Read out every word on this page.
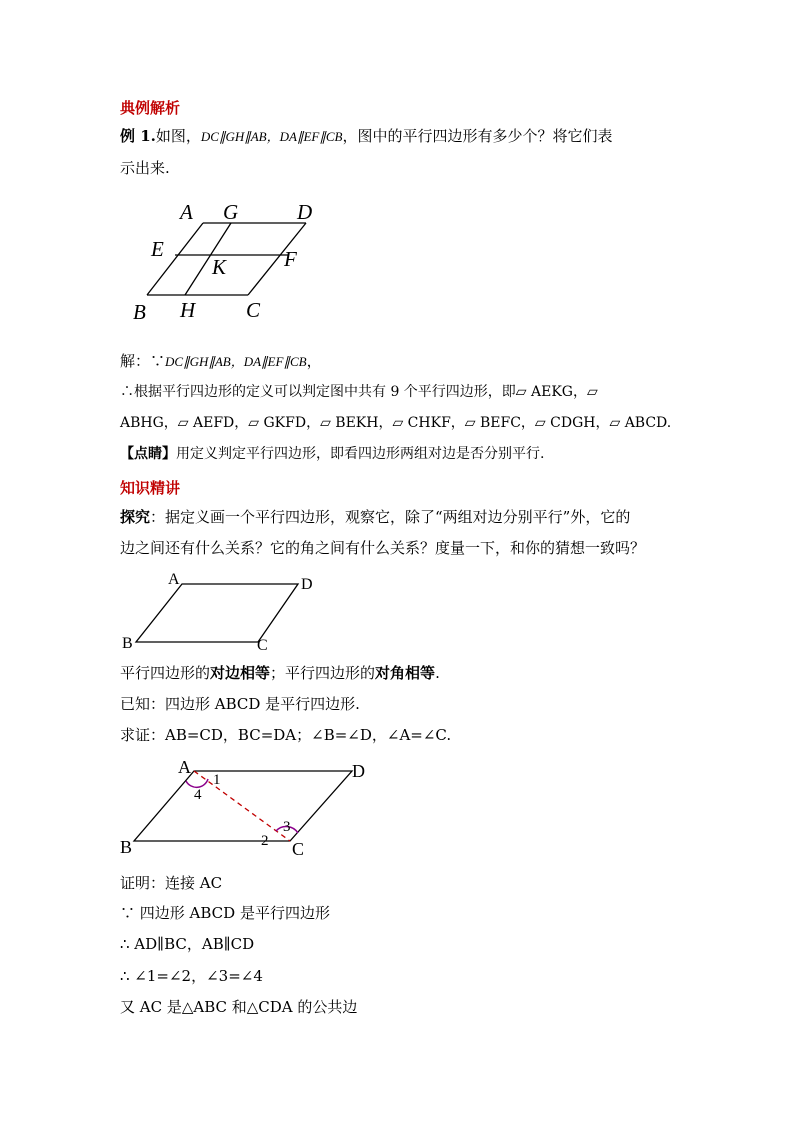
典例解析
例 1.如图，DC∥GH∥AB，DA∥EF∥CB，图中的平行四边形有多少个？将它们表
示出来.
A G	D
E
K	F
B H C
解：∵DC∥GH∥AB，DA∥EF∥CB，
∴根据平行四边形的定义可以判定图中共有 9 个平行四边形，即▱ AEKG，▱
ABHG，▱ AEFD，▱ GKFD，▱ BEKH，▱ CHKF，▱ BEFC，▱ CDGH，▱ ABCD.
【点睛】用定义判定平行四边形，即看四边形两组对边是否分别平行.
知识精讲
探究：据定义画一个平行四边形，观察它，除了“两组对边分别平行”外，它的
边之间还有什么关系？它的角之间有什么关系？度量一下，和你的猜想一致吗？
A	D
B	C
平行四边形的对边相等；平行四边形的对角相等.
已知：四边形 ABCD 是平行四边形.
求证：AB=CD，BC=DA；∠B=∠D，∠A=∠C.
A	D
B	C
1
4
2
3
证明：连接 AC
∵ 四边形 ABCD 是平行四边形
∴ AD∥BC，AB∥CD
∴ ∠1=∠2，∠3=∠4
又 AC 是△ABC 和△CDA 的公共边
